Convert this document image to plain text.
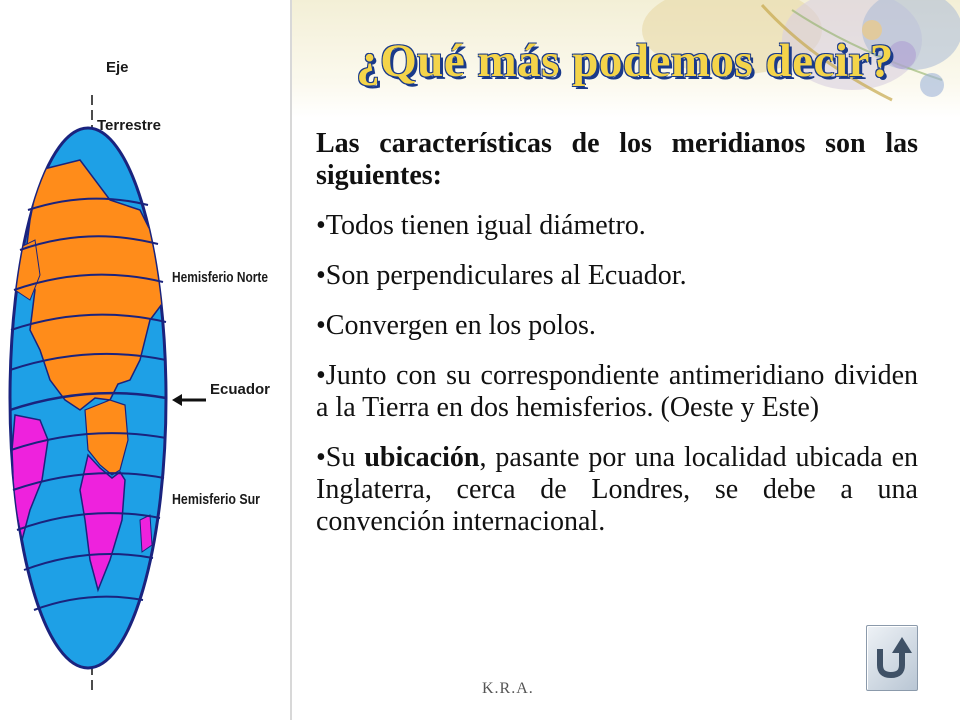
Eje
Terrestre
Hemisferio Norte
Ecuador
Hemisferio Sur
¿Qué más podemos decir?

Las características de los meridianos son las siguientes:

•Todos tienen igual diámetro.

•Son perpendiculares al Ecuador.

•Convergen en los polos.

•Junto con su correspondiente antimeridiano dividen a la Tierra en dos hemisferios. (Oeste y Este)

•Su ubicación, pasante por una localidad ubicada en Inglaterra, cerca de Londres, se debe a una convención internacional.

K.R.A.
